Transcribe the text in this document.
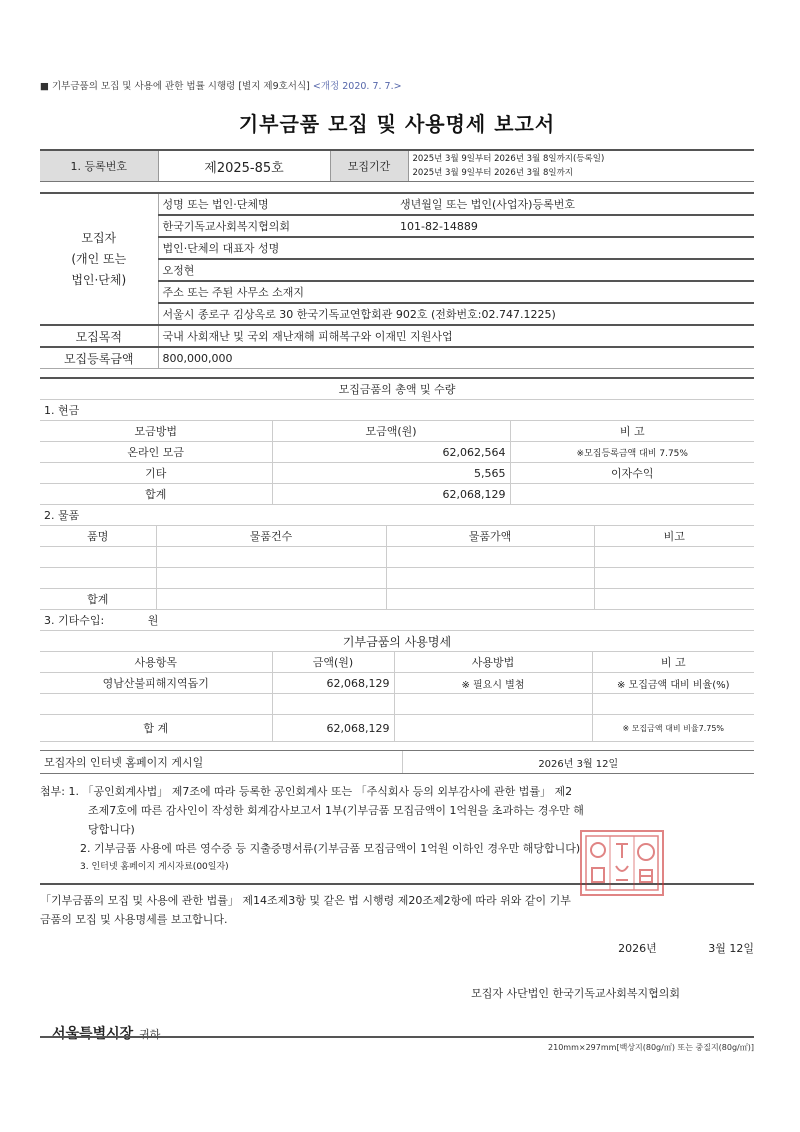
■ 기부금품의 모집 및 사용에 관한 법률 시행령 [별지 제9호서식] <개정 2020. 7. 7.>
기부금품 모집 및 사용명세 보고서
1. 등록번호	제2025-85호	모집기간	
2025년 3월 9일부터 2026년 3월 8일까지(등록일)
2025년 3월 9일부터 2026년 3월 8일까지
모집자
(개인 또는
법인·단체)	성명 또는 법인·단체명	생년월일 또는 법인(사업자)등록번호
	한국기독교사회복지협의회	101-82-14889
	법인·단체의 대표자 성명	
	오정현	
	주소 또는 주된 사무소 소재지	
	서울시 종로구 김상옥로 30 한국기독교연합회관 902호 (전화번호:02.747.1225)	
모집목적	국내 사회재난 및 국외 재난재해 피해복구와 이재민 지원사업	
모집등록금액	800,000,000	
모집금품의 총액 및 수량		
1. 현금		
모금방법	모금액(원)	비 고
온라인 모금	62,062,564	※모집등록금액 대비 7.75%
기타	5,565	이자수익
합계	62,068,129	
2. 물품			
품명	물품건수	물품가액	비고

합계			
3. 기타수입: 원			
기부금품의 사용명세			
사용항목	금액(원)	사용방법	비 고
영남산불피해지역돕기	62,068,129	※ 필요시 별첨	※ 모집금액 대비 비율(%)

합 계	62,068,129		※ 모집금액 대비 비율7.75%
모집자의 인터넷 홈페이지 게시일	2026년 3월 12일
첨부: 1. 「공인회계사법」 제7조에 따라 등록한 공인회계사 또는 「주식회사 등의 외부감사에 관한 법률」 제2
조제7호에 따른 감사인이 작성한 회계감사보고서 1부(기부금품 모집금액이 1억원을 초과하는 경우만 해
당합니다)
2. 기부금품 사용에 따른 영수증 등 지출증명서류(기부금품 모집금액이 1억원 이하인 경우만 해당합니다)
3. 인터넷 홈페이지 게시자료(00일자)
「기부금품의 모집 및 사용에 관한 법률」 제14조제3항 및 같은 법 시행령 제20조제2항에 따라 위와 같이 기부
금품의 모집 및 사용명세를 보고합니다.
2026년	3월 12일
모집자 사단법인 한국기독교사회복지협의회
서울특별시장 귀하
210mm×297mm[백상지(80g/㎡) 또는 중질지(80g/㎡)]
